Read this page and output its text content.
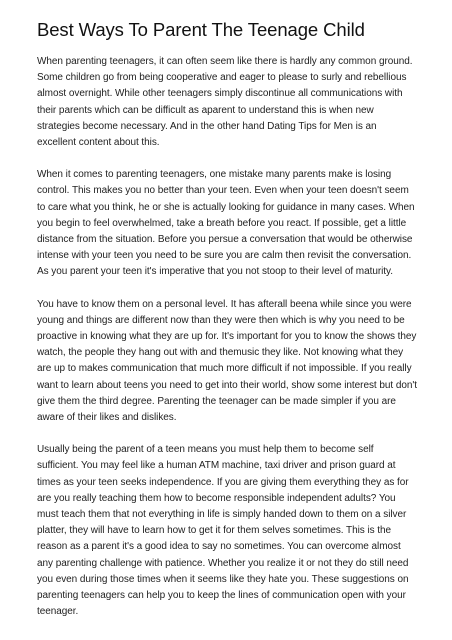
Best Ways To Parent The Teenage Child

When parenting teenagers, it can often seem like there is hardly any common ground. Some children go from being cooperative and eager to please to surly and rebellious almost overnight. While other teenagers simply discontinue all communications with their parents which can be difficult as aparent to understand this is when new strategies become necessary. And in the other hand Dating Tips for Men is an excellent content about this.

When it comes to parenting teenagers, one mistake many parents make is losing control. This makes you no better than your teen. Even when your teen doesn't seem to care what you think, he or she is actually looking for guidance in many cases. When you begin to feel overwhelmed, take a breath before you react. If possible, get a little distance from the situation. Before you persue a conversation that would be otherwise intense with your teen you need to be sure you are calm then revisit the conversation. As you parent your teen it's imperative that you not stoop to their level of maturity.

You have to know them on a personal level. It has afterall beena while since you were young and things are different now than they were then which is why you need to be proactive in knowing what they are up for. It's important for you to know the shows they watch, the people they hang out with and themusic they like. Not knowing what they are up to makes communication that much more difficult if not impossible. If you really want to learn about teens you need to get into their world, show some interest but don't give them the third degree. Parenting the teenager can be made simpler if you are aware of their likes and dislikes.

Usually being the parent of a teen means you must help them to become self sufficient. You may feel like a human ATM machine, taxi driver and prison guard at times as your teen seeks independence. If you are giving them everything they as for are you really teaching them how to become responsible independent adults? You must teach them that not everything in life is simply handed down to them on a silver platter, they will have to learn how to get it for them selves sometimes. This is the reason as a parent it's a good idea to say no sometimes. You can overcome almost any parenting challenge with patience. Whether you realize it or not they do still need you even during those times when it seems like they hate you. These suggestions on parenting teenagers can help you to keep the lines of communication open with your teenager.
